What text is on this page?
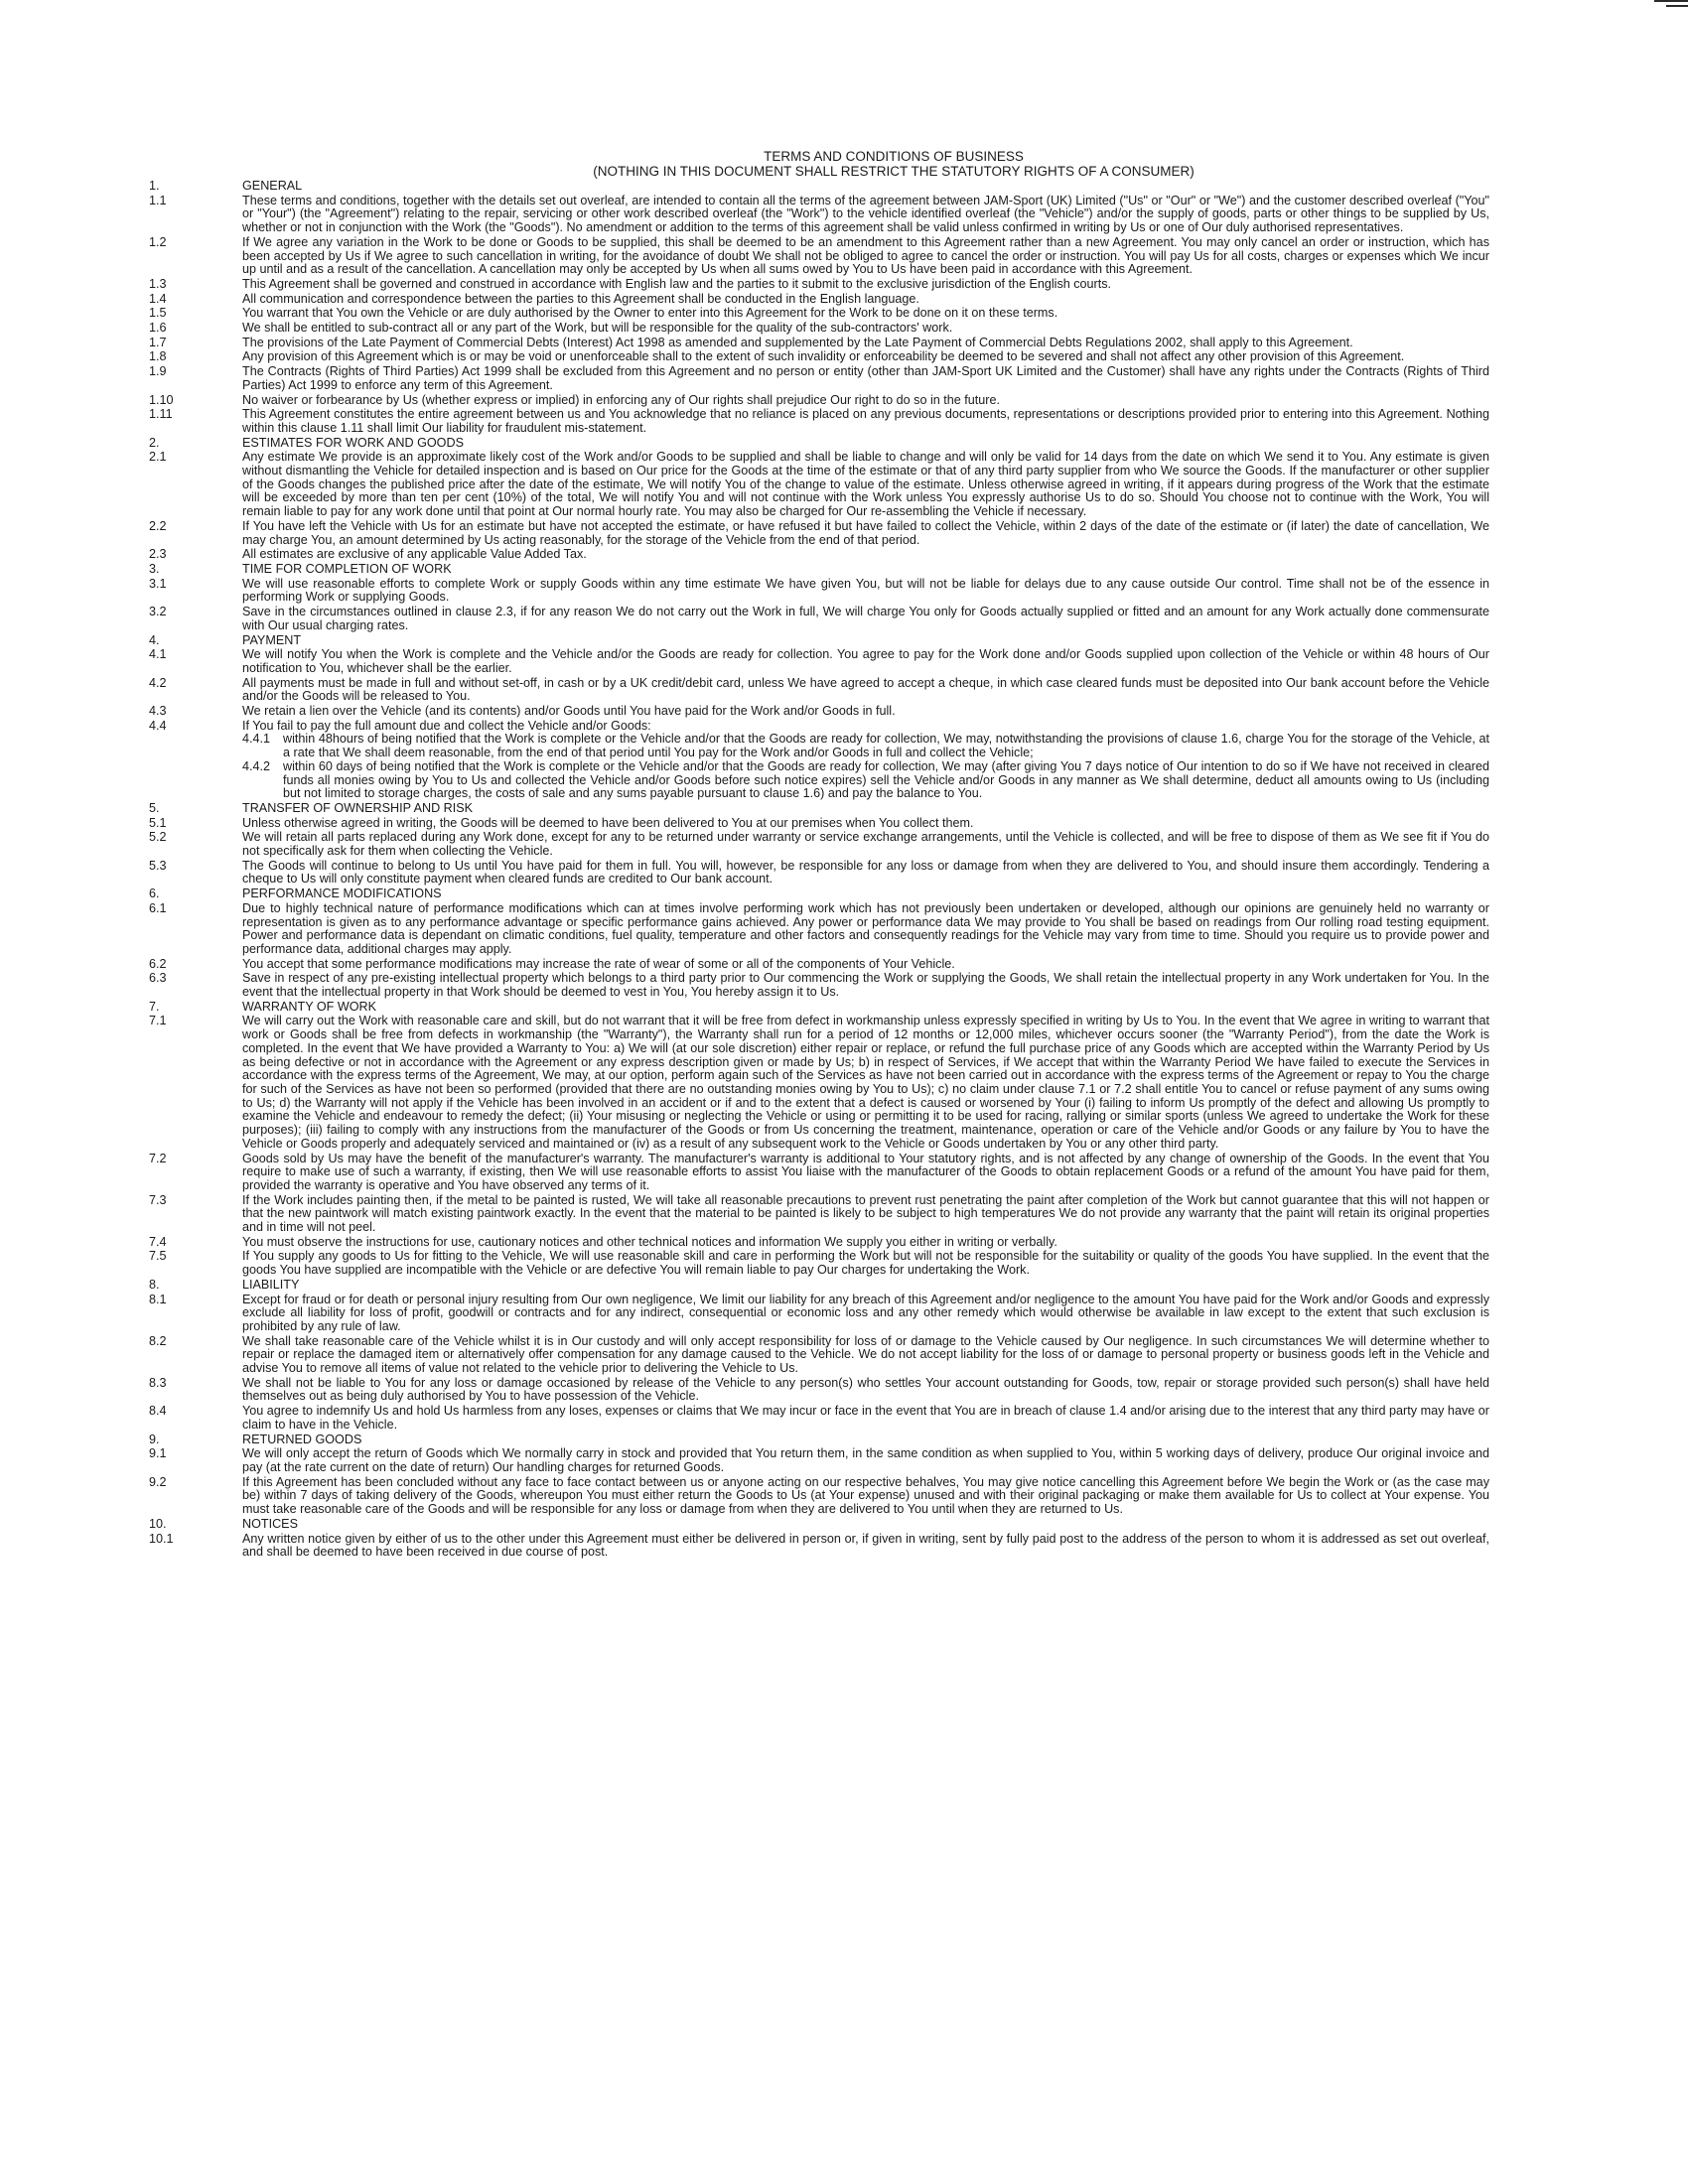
TERMS AND CONDITIONS OF BUSINESS
(NOTHING IN THIS DOCUMENT SHALL RESTRICT THE STATUTORY RIGHTS OF A CONSUMER)
1.	GENERAL
1.1	These terms and conditions, together with the details set out overleaf, are intended to contain all the terms of the agreement between JAM-Sport (UK) Limited ("Us" or "Our" or "We") and the customer described overleaf ("You" or "Your") (the "Agreement") relating to the repair, servicing or other work described overleaf (the "Work") to the vehicle identified overleaf (the "Vehicle") and/or the supply of goods, parts or other things to be supplied by Us, whether or not in conjunction with the Work (the "Goods"). No amendment or addition to the terms of this agreement shall be valid unless confirmed in writing by Us or one of Our duly authorised representatives.
1.2	If We agree any variation in the Work to be done or Goods to be supplied, this shall be deemed to be an amendment to this Agreement rather than a new Agreement. You may only cancel an order or instruction, which has been accepted by Us if We agree to such cancellation in writing, for the avoidance of doubt We shall not be obliged to agree to cancel the order or instruction. You will pay Us for all costs, charges or expenses which We incur up until and as a result of the cancellation. A cancellation may only be accepted by Us when all sums owed by You to Us have been paid in accordance with this Agreement.
1.3	This Agreement shall be governed and construed in accordance with English law and the parties to it submit to the exclusive jurisdiction of the English courts.
1.4	All communication and correspondence between the parties to this Agreement shall be conducted in the English language.
1.5	You warrant that You own the Vehicle or are duly authorised by the Owner to enter into this Agreement for the Work to be done on it on these terms.
1.6	We shall be entitled to sub-contract all or any part of the Work, but will be responsible for the quality of the sub-contractors' work.
1.7	The provisions of the Late Payment of Commercial Debts (Interest) Act 1998 as amended and supplemented by the Late Payment of Commercial Debts Regulations 2002, shall apply to this Agreement.
1.8	Any provision of this Agreement which is or may be void or unenforceable shall to the extent of such invalidity or enforceability be deemed to be severed and shall not affect any other provision of this Agreement.
1.9	The Contracts (Rights of Third Parties) Act 1999 shall be excluded from this Agreement and no person or entity (other than JAM-Sport UK Limited and the Customer) shall have any rights under the Contracts (Rights of Third Parties) Act 1999 to enforce any term of this Agreement.
1.10	No waiver or forbearance by Us (whether express or implied) in enforcing any of Our rights shall prejudice Our right to do so in the future.
1.11	This Agreement constitutes the entire agreement between us and You acknowledge that no reliance is placed on any previous documents, representations or descriptions provided prior to entering into this Agreement. Nothing within this clause 1.11 shall limit Our liability for fraudulent mis-statement.
2.	ESTIMATES FOR WORK AND GOODS
2.1	Any estimate We provide is an approximate likely cost of the Work and/or Goods to be supplied and shall be liable to change and will only be valid for 14 days from the date on which We send it to You. Any estimate is given without dismantling the Vehicle for detailed inspection and is based on Our price for the Goods at the time of the estimate or that of any third party supplier from who We source the Goods. If the manufacturer or other supplier of the Goods changes the published price after the date of the estimate, We will notify You of the change to value of the estimate. Unless otherwise agreed in writing, if it appears during progress of the Work that the estimate will be exceeded by more than ten per cent (10%) of the total, We will notify You and will not continue with the Work unless You expressly authorise Us to do so. Should You choose not to continue with the Work, You will remain liable to pay for any work done until that point at Our normal hourly rate. You may also be charged for Our re-assembling the Vehicle if necessary.
2.2	If You have left the Vehicle with Us for an estimate but have not accepted the estimate, or have refused it but have failed to collect the Vehicle, within 2 days of the date of the estimate or (if later) the date of cancellation, We may charge You, an amount determined by Us acting reasonably, for the storage of the Vehicle from the end of that period.
2.3	All estimates are exclusive of any applicable Value Added Tax.
3.	TIME FOR COMPLETION OF WORK
3.1	We will use reasonable efforts to complete Work or supply Goods within any time estimate We have given You, but will not be liable for delays due to any cause outside Our control. Time shall not be of the essence in performing Work or supplying Goods.
3.2	Save in the circumstances outlined in clause 2.3, if for any reason We do not carry out the Work in full, We will charge You only for Goods actually supplied or fitted and an amount for any Work actually done commensurate with Our usual charging rates.
4.	PAYMENT
4.1	We will notify You when the Work is complete and the Vehicle and/or the Goods are ready for collection. You agree to pay for the Work done and/or Goods supplied upon collection of the Vehicle or within 48 hours of Our notification to You, whichever shall be the earlier.
4.2	All payments must be made in full and without set-off, in cash or by a UK credit/debit card, unless We have agreed to accept a cheque, in which case cleared funds must be deposited into Our bank account before the Vehicle and/or the Goods will be released to You.
4.3	We retain a lien over the Vehicle (and its contents) and/or Goods until You have paid for the Work and/or Goods in full.
4.4	If You fail to pay the full amount due and collect the Vehicle and/or Goods:
4.4.1	within 48hours of being notified that the Work is complete or the Vehicle and/or that the Goods are ready for collection, We may, notwithstanding the provisions of clause 1.6, charge You for the storage of the Vehicle, at a rate that We shall deem reasonable, from the end of that period until You pay for the Work and/or Goods in full and collect the Vehicle;
4.4.2	within 60 days of being notified that the Work is complete or the Vehicle and/or that the Goods are ready for collection, We may (after giving You 7 days notice of Our intention to do so if We have not received in cleared funds all monies owing by You to Us and collected the Vehicle and/or Goods before such notice expires) sell the Vehicle and/or Goods in any manner as We shall determine, deduct all amounts owing to Us (including but not limited to storage charges, the costs of sale and any sums payable pursuant to clause 1.6) and pay the balance to You.
5.	TRANSFER OF OWNERSHIP AND RISK
5.1	Unless otherwise agreed in writing, the Goods will be deemed to have been delivered to You at our premises when You collect them.
5.2	We will retain all parts replaced during any Work done, except for any to be returned under warranty or service exchange arrangements, until the Vehicle is collected, and will be free to dispose of them as We see fit if You do not specifically ask for them when collecting the Vehicle.
5.3	The Goods will continue to belong to Us until You have paid for them in full. You will, however, be responsible for any loss or damage from when they are delivered to You, and should insure them accordingly. Tendering a cheque to Us will only constitute payment when cleared funds are credited to Our bank account.
6.	PERFORMANCE MODIFICATIONS
6.1	Due to highly technical nature of performance modifications which can at times involve performing work which has not previously been undertaken or developed, although our opinions are genuinely held no warranty or representation is given as to any performance advantage or specific performance gains achieved. Any power or performance data We may provide to You shall be based on readings from Our rolling road testing equipment. Power and performance data is dependant on climatic conditions, fuel quality, temperature and other factors and consequently readings for the Vehicle may vary from time to time. Should you require us to provide power and performance data, additional charges may apply.
6.2	You accept that some performance modifications may increase the rate of wear of some or all of the components of Your Vehicle.
6.3	Save in respect of any pre-existing intellectual property which belongs to a third party prior to Our commencing the Work or supplying the Goods, We shall retain the intellectual property in any Work undertaken for You. In the event that the intellectual property in that Work should be deemed to vest in You, You hereby assign it to Us.
7.	WARRANTY OF WORK
7.1	We will carry out the Work with reasonable care and skill, but do not warrant that it will be free from defect in workmanship unless expressly specified in writing by Us to You. In the event that We agree in writing to warrant that work or Goods shall be free from defects in workmanship (the "Warranty"), the Warranty shall run for a period of 12 months or 12,000 miles, whichever occurs sooner (the "Warranty Period"), from the date the Work is completed. In the event that We have provided a Warranty to You: a) We will (at our sole discretion) either repair or replace, or refund the full purchase price of any Goods which are accepted within the Warranty Period by Us as being defective or not in accordance with the Agreement or any express description given or made by Us; b) in respect of Services, if We accept that within the Warranty Period We have failed to execute the Services in accordance with the express terms of the Agreement, We may, at our option, perform again such of the Services as have not been carried out in accordance with the express terms of the Agreement or repay to You the charge for such of the Services as have not been so performed (provided that there are no outstanding monies owing by You to Us); c) no claim under clause 7.1 or 7.2 shall entitle You to cancel or refuse payment of any sums owing to Us; d) the Warranty will not apply if the Vehicle has been involved in an accident or if and to the extent that a defect is caused or worsened by Your (i) failing to inform Us promptly of the defect and allowing Us promptly to examine the Vehicle and endeavour to remedy the defect; (ii) Your misusing or neglecting the Vehicle or using or permitting it to be used for racing, rallying or similar sports (unless We agreed to undertake the Work for these purposes); (iii) failing to comply with any instructions from the manufacturer of the Goods or from Us concerning the treatment, maintenance, operation or care of the Vehicle and/or Goods or any failure by You to have the Vehicle or Goods properly and adequately serviced and maintained or (iv) as a result of any subsequent work to the Vehicle or Goods undertaken by You or any other third party.
7.2	Goods sold by Us may have the benefit of the manufacturer's warranty. The manufacturer's warranty is additional to Your statutory rights, and is not affected by any change of ownership of the Goods. In the event that You require to make use of such a warranty, if existing, then We will use reasonable efforts to assist You liaise with the manufacturer of the Goods to obtain replacement Goods or a refund of the amount You have paid for them, provided the warranty is operative and You have observed any terms of it.
7.3	If the Work includes painting then, if the metal to be painted is rusted, We will take all reasonable precautions to prevent rust penetrating the paint after completion of the Work but cannot guarantee that this will not happen or that the new paintwork will match existing paintwork exactly. In the event that the material to be painted is likely to be subject to high temperatures We do not provide any warranty that the paint will retain its original properties and in time will not peel.
7.4	You must observe the instructions for use, cautionary notices and other technical notices and information We supply you either in writing or verbally.
7.5	If You supply any goods to Us for fitting to the Vehicle, We will use reasonable skill and care in performing the Work but will not be responsible for the suitability or quality of the goods You have supplied. In the event that the goods You have supplied are incompatible with the Vehicle or are defective You will remain liable to pay Our charges for undertaking the Work.
8.	LIABILITY
8.1	Except for fraud or for death or personal injury resulting from Our own negligence, We limit our liability for any breach of this Agreement and/or negligence to the amount You have paid for the Work and/or Goods and expressly exclude all liability for loss of profit, goodwill or contracts and for any indirect, consequential or economic loss and any other remedy which would otherwise be available in law except to the extent that such exclusion is prohibited by any rule of law.
8.2	We shall take reasonable care of the Vehicle whilst it is in Our custody and will only accept responsibility for loss of or damage to the Vehicle caused by Our negligence. In such circumstances We will determine whether to repair or replace the damaged item or alternatively offer compensation for any damage caused to the Vehicle. We do not accept liability for the loss of or damage to personal property or business goods left in the Vehicle and advise You to remove all items of value not related to the vehicle prior to delivering the Vehicle to Us.
8.3	We shall not be liable to You for any loss or damage occasioned by release of the Vehicle to any person(s) who settles Your account outstanding for Goods, tow, repair or storage provided such person(s) shall have held themselves out as being duly authorised by You to have possession of the Vehicle.
8.4	You agree to indemnify Us and hold Us harmless from any loses, expenses or claims that We may incur or face in the event that You are in breach of clause 1.4 and/or arising due to the interest that any third party may have or claim to have in the Vehicle.
9.	RETURNED GOODS
9.1	We will only accept the return of Goods which We normally carry in stock and provided that You return them, in the same condition as when supplied to You, within 5 working days of delivery, produce Our original invoice and pay (at the rate current on the date of return) Our handling charges for returned Goods.
9.2	If this Agreement has been concluded without any face to face contact between us or anyone acting on our respective behalves, You may give notice cancelling this Agreement before We begin the Work or (as the case may be) within 7 days of taking delivery of the Goods, whereupon You must either return the Goods to Us (at Your expense) unused and with their original packaging or make them available for Us to collect at Your expense. You must take reasonable care of the Goods and will be responsible for any loss or damage from when they are delivered to You until when they are returned to Us.
10.	NOTICES
10.1	Any written notice given by either of us to the other under this Agreement must either be delivered in person or, if given in writing, sent by fully paid post to the address of the person to whom it is addressed as set out overleaf, and shall be deemed to have been received in due course of post.
